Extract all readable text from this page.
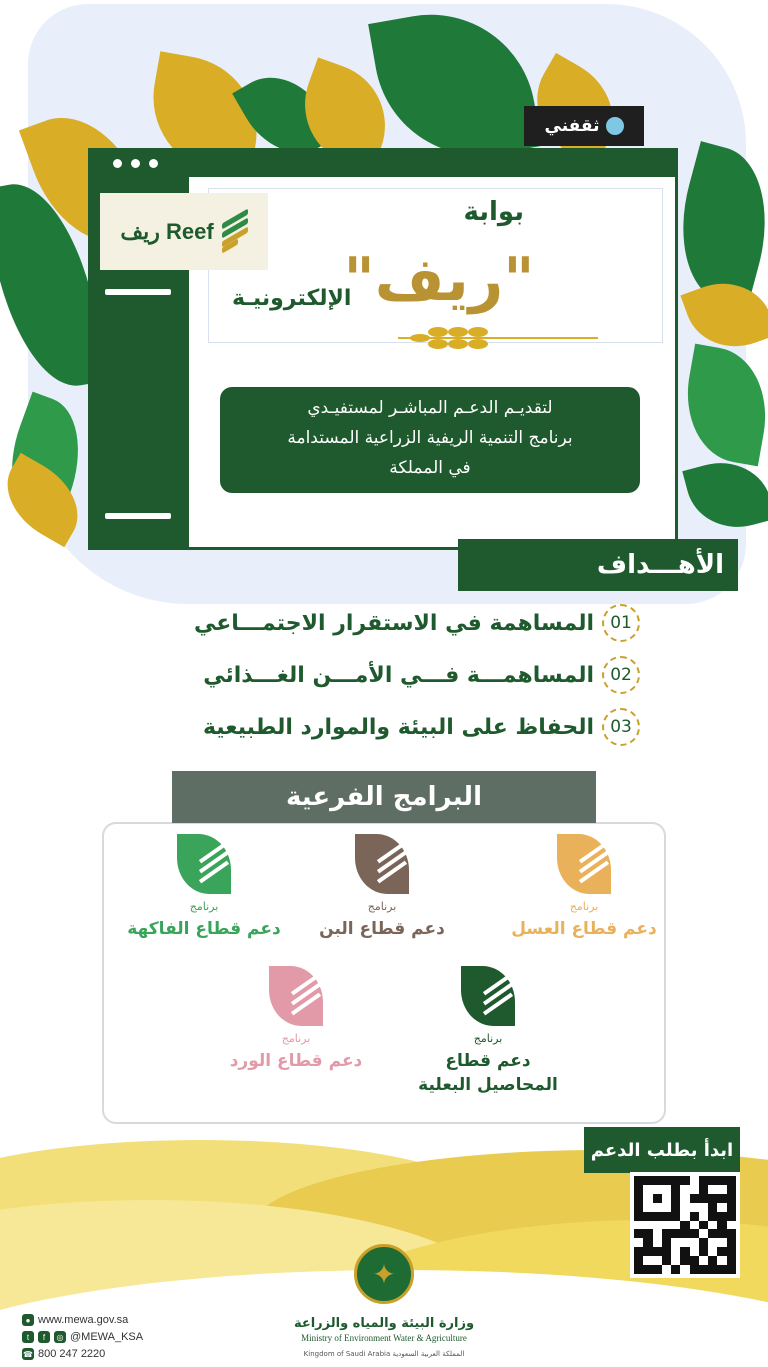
ثقفني
ريف Reef
بوابة
"ريف"
الإلكترونيـة
لتقديـم الدعـم المباشـر لمستفيـدي
برنامج التنمية الريفية الزراعية المستدامة
في المملكة
الأهـــداف
01
المساهمة في الاستقرار الاجتمـــاعي
02
المساهمـــة فـــي الأمـــن الغـــذائي
03
الحفاظ على البيئة والموارد الطبيعية
البرامج الفرعية
برنامج
دعم قطاع العسل
برنامج
دعم قطاع البن
برنامج
دعم قطاع الفاكهة
برنامج
دعم قطاع
المحاصيل البعلية
برنامج
دعم قطاع الورد
ابدأ بطلب الدعم
✦
وزارة البيئة والمياه والزراعة
Ministry of Environment Water & Agriculture
Kingdom of Saudi Arabia المملكة العربية السعودية
● www.mewa.gov.sa
t	f	◎ @MEWA_KSA
☎ 800 247 2220
